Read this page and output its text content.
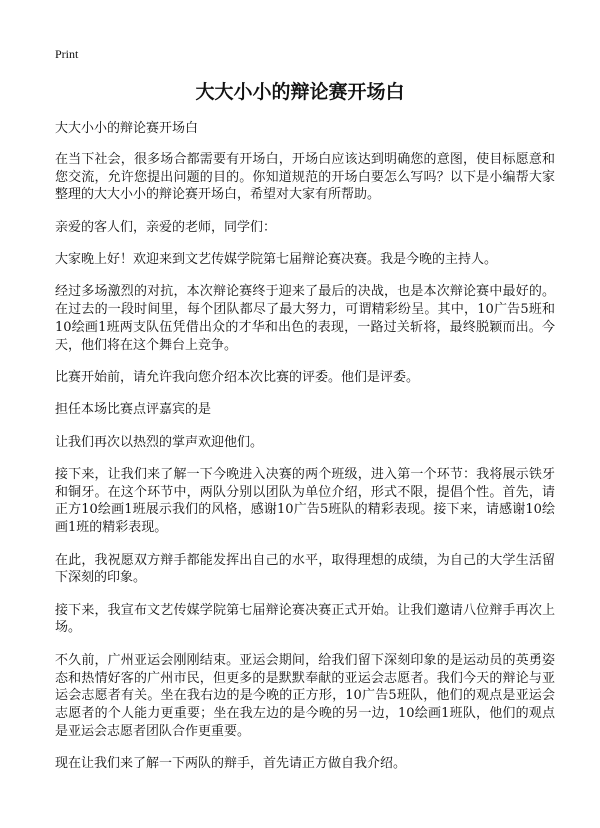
Print
大大小小的辩论赛开场白

大大小小的辩论赛开场白

在当下社会，很多场合都需要有开场白，开场白应该达到明确您的意图，使目标愿意和您交流，允许您提出问题的目的。你知道规范的开场白要怎么写吗？以下是小编帮大家整理的大大小小的辩论赛开场白，希望对大家有所帮助。

亲爱的客人们，亲爱的老师，同学们：

大家晚上好！欢迎来到文艺传媒学院第七届辩论赛决赛。我是今晚的主持人。

经过多场激烈的对抗，本次辩论赛终于迎来了最后的决战，也是本次辩论赛中最好的。在过去的一段时间里，每个团队都尽了最大努力，可谓精彩纷呈。其中，10广告5班和10绘画1班两支队伍凭借出众的才华和出色的表现，一路过关斩将，最终脱颖而出。今天，他们将在这个舞台上竞争。

比赛开始前，请允许我向您介绍本次比赛的评委。他们是评委。

担任本场比赛点评嘉宾的是

让我们再次以热烈的掌声欢迎他们。

接下来，让我们来了解一下今晚进入决赛的两个班级，进入第一个环节：我将展示铁牙和铜牙。在这个环节中，两队分别以团队为单位介绍，形式不限，提倡个性。首先，请正方10绘画1班展示我们的风格，感谢10广告5班队的精彩表现。接下来，请感谢10绘画1班的精彩表现。

在此，我祝愿双方辩手都能发挥出自己的水平，取得理想的成绩，为自己的大学生活留下深刻的印象。

接下来，我宣布文艺传媒学院第七届辩论赛决赛正式开始。让我们邀请八位辩手再次上场。

不久前，广州亚运会刚刚结束。亚运会期间，给我们留下深刻印象的是运动员的英勇姿态和热情好客的广州市民，但更多的是默默奉献的亚运会志愿者。我们今天的辩论与亚运会志愿者有关。坐在我右边的是今晚的正方形，10广告5班队，他们的观点是亚运会志愿者的个人能力更重要；坐在我左边的是今晚的另一边，10绘画1班队，他们的观点是亚运会志愿者团队合作更重要。

现在让我们来了解一下两队的辩手，首先请正方做自我介绍。
